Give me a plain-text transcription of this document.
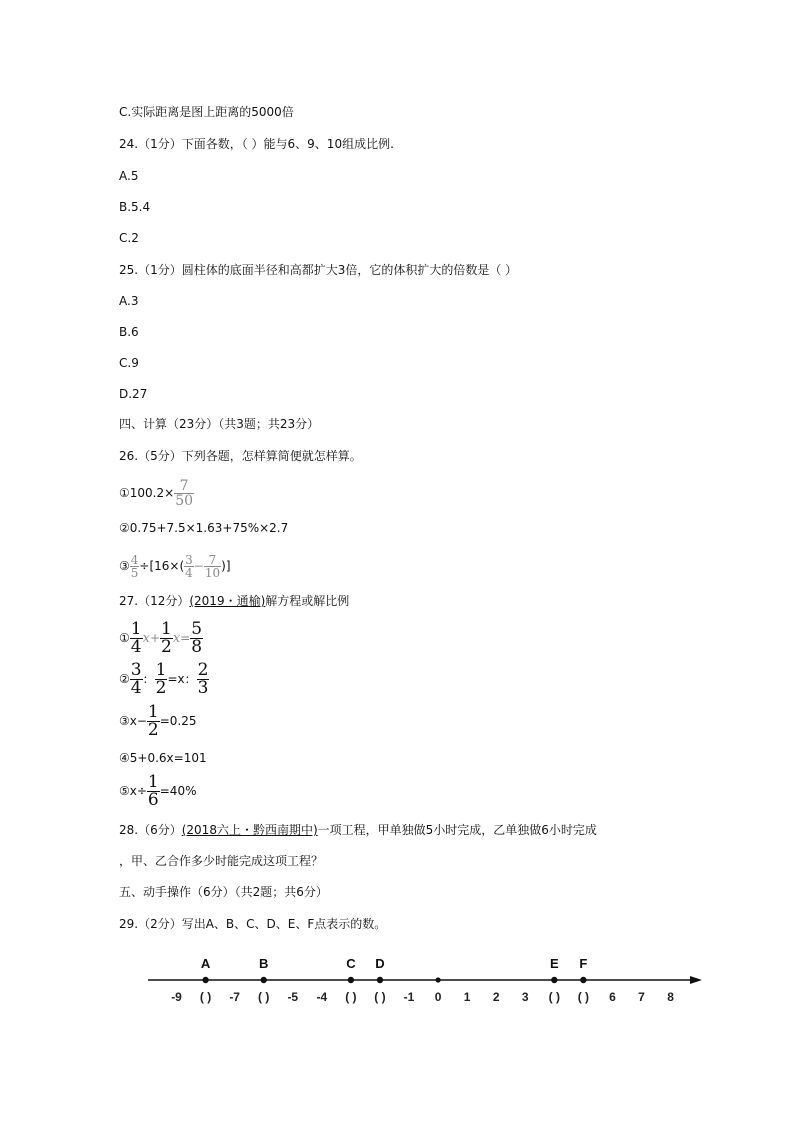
C.实际距离是图上距离的5000倍
24.（1分）下面各数，（ ）能与6、9、10组成比例.
A.5
B.5.4
C.2
25.（1分）圆柱体的底面半径和高都扩大3倍，它的体积扩大的倍数是（ ）
A.3
B.6
C.9
D.27
四、计算（23分）（共3题；共23分）
26.（5分）下列各题，怎样算简便就怎样算。
①100.2× $\frac{7}{50}$
②0.75+7.5×1.63+75%×2.7
③ $\frac{4}{5} \div[16\times( \frac{3}{4} - \frac{7}{10}$ )]
27.（12分）(2019・通榆)解方程或解比例
① $\frac{1}{4} x+ \frac{1}{2} x= \frac{5}{8}$
② $\frac{3}{4}$ ： $\frac{1}{2} =x$： $\frac{2}{3}$
③x− $\frac{1}{2} =0.25$
④5+0.6x=101
⑤x÷ $\frac{1}{6} =40\%$
28.（6分）(2018六上・黔西南期中)一项工程，甲单独做5小时完成，乙单独做6小时完成
，甲、乙合作多少时能完成这项工程？
五、动手操作（6分）（共2题；共6分）
29.（2分）写出A、B、C、D、E、F点表示的数。
-9 ( ) -7 ( ) -5 -4 ( ) ( ) -1 0 1 2 3 ( ) ( ) 6 7 8
A	B	C D	E F
